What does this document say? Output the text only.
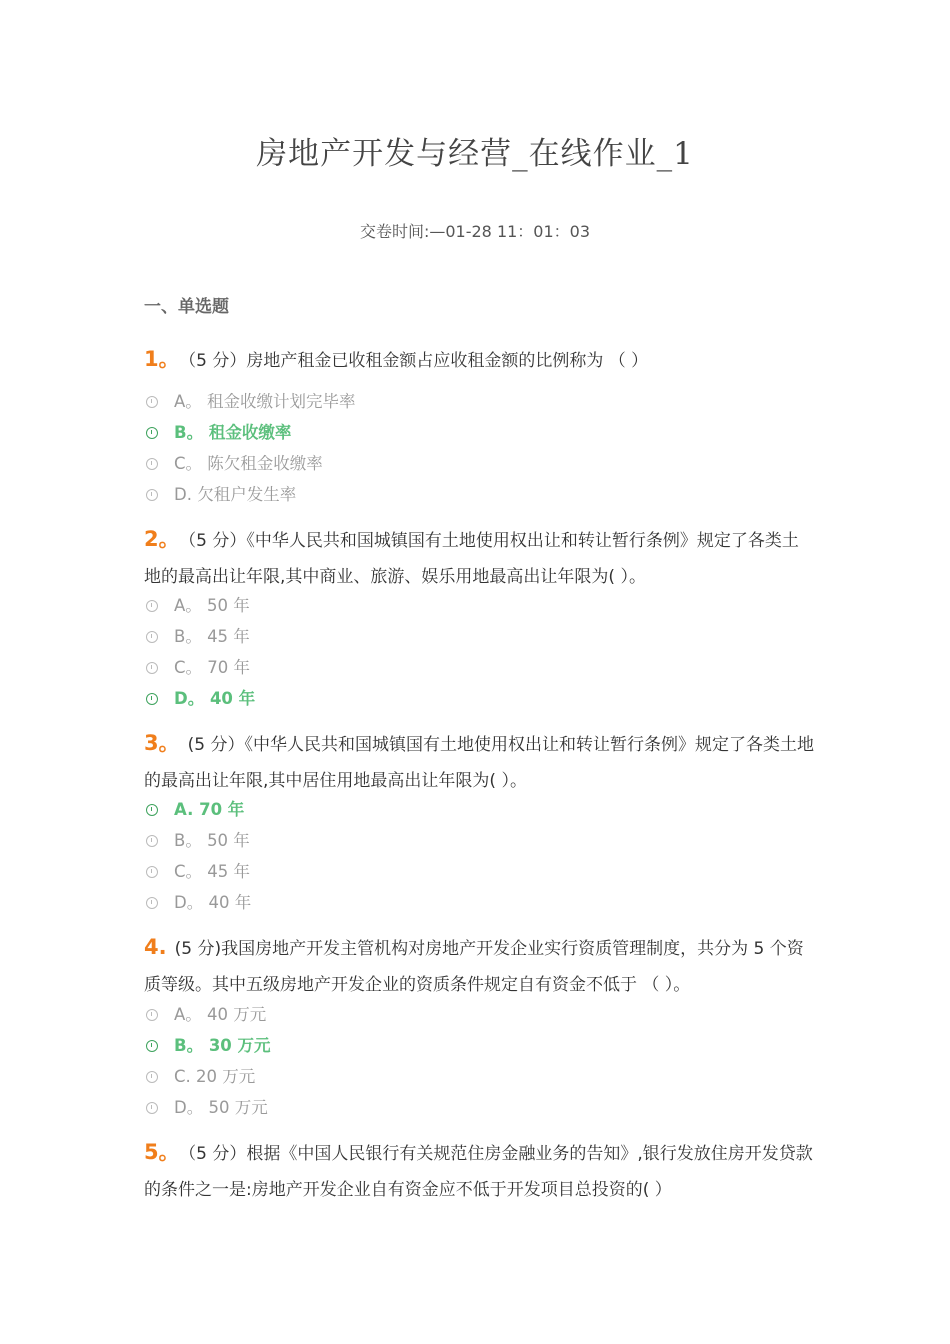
房地产开发与经营_在线作业_1
交卷时间:—01-28 11：01：03
一、单选题
1。 （5 分）房地产租金已收租金额占应收租金额的比例称为 （ ）
A。 租金收缴计划完毕率
B。 租金收缴率
C。 陈欠租金收缴率
D. 欠租户发生率
2。 （5 分）《中华人民共和国城镇国有土地使用权出让和转让暂行条例》规定了各类土地的最高出让年限,其中商业、旅游、娱乐用地最高出让年限为( ）。
A。 50 年
B。 45 年
C。 70 年
D。 40 年
3。 (5 分）《中华人民共和国城镇国有土地使用权出让和转让暂行条例》规定了各类土地的最高出让年限,其中居住用地最高出让年限为( ）。
A. 70 年
B。 50 年
C。 45 年
D。 40 年
4. (5 分)我国房地产开发主管机构对房地产开发企业实行资质管理制度，共分为 5 个资质等级。其中五级房地产开发企业的资质条件规定自有资金不低于 （ ）。
A。 40 万元
B。 30 万元
C. 20 万元
D。 50 万元
5。 （5 分）根据《中国人民银行有关规范住房金融业务的告知》,银行发放住房开发贷款的条件之一是:房地产开发企业自有资金应不低于开发项目总投资的( ）
